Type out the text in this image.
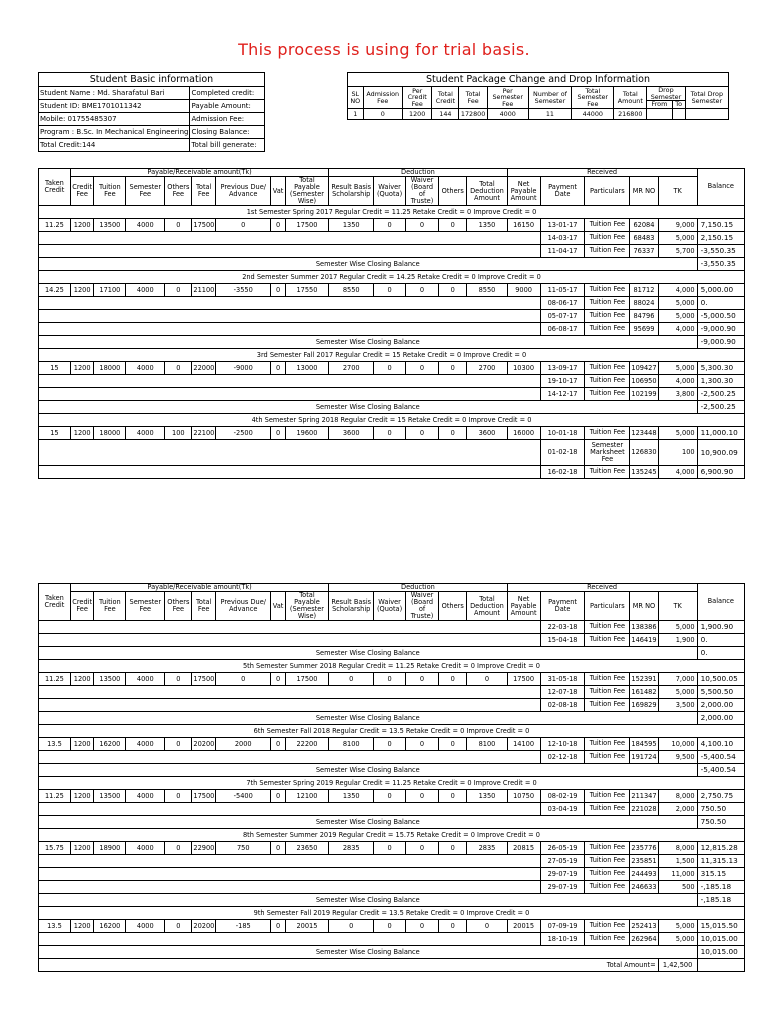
This process is using for trial basis.
Student Basic information	
Student Name : Md. Sharafatul Bari	Completed credit:
Student ID: BME1701011342	Payable Amount:
Mobile: 01755485307	Admission Fee:
Program : B.Sc. In Mechanical Engineering	Closing Balance:
Total Credit:144	Total bill generate:
Student Package Change and Drop Information											
SL NO	Admission Fee	Per Credit Fee	Total Credit	Total Fee	Per Semester Fee	Number of Semester	Total Semester Fee	Total Amount	Drop Semester		Total Drop Semester
									From	To	
1	0	1200	144	172800	4000	11	44000	216800			
Taken Credit	Payable/Receivable amount(Tk)								Deduction					Received					Balance
	Credit Fee	Tuition Fee	Semester Fee	Others Fee	Total Fee	Previous Due/ Advance	Vat	Total Payable (Semester Wise)	Result Basis Scholarship	Waiver (Quota)	Waiver (Board of Truste)	Others	Total Deduction Amount	Net Payable Amount	Payment Date	Particulars	MR NO	TK	
1st Semester Spring 2017 Regular Credit = 11.25 Retake Credit = 0 Improve Credit = 0																			
11.25	1200	13500	4000	0	17500	0	0	17500	1350	0	0	0	1350	16150	13-01-17	Tuition Fee	62084	9,000	7,150.15
															14-03-17	Tuition Fee	68483	5,000	2,150.15
															11-04-17	Tuition Fee	76337	5,700	-3,550.35
Semester Wise Closing Balance																			-3,550.35
2nd Semester Summer 2017 Regular Credit = 14.25 Retake Credit = 0 Improve Credit = 0																			
14.25	1200	17100	4000	0	21100	-3550	0	17550	8550	0	0	0	8550	9000	11-05-17	Tuition Fee	81712	4,000	5,000.00
															08-06-17	Tuition Fee	88024	5,000	0.
															05-07-17	Tuition Fee	84796	5,000	-5,000.50
															06-08-17	Tuition Fee	95699	4,000	-9,000.90
Semester Wise Closing Balance																			-9,000.90
3rd Semester Fall 2017 Regular Credit = 15 Retake Credit = 0 Improve Credit = 0																			
15	1200	18000	4000	0	22000	-9000	0	13000	2700	0	0	0	2700	10300	13-09-17	Tuition Fee	109427	5,000	5,300.30
															19-10-17	Tuition Fee	106950	4,000	1,300.30
															14-12-17	Tuition Fee	102199	3,800	-2,500.25
Semester Wise Closing Balance																			-2,500.25
4th Semester Spring 2018 Regular Credit = 15 Retake Credit = 0 Improve Credit = 0																			
15	1200	18000	4000	100	22100	-2500	0	19600	3600	0	0	0	3600	16000	10-01-18	Tuition Fee	123448	5,000	11,000.10
															01-02-18	Semester Marksheet Fee	126830	100	10,900.09
															16-02-18	Tuition Fee	135245	4,000	6,900.90
Taken Credit	Payable/Receivable amount(Tk)								Deduction					Received					Balance
	Credit Fee	Tuition Fee	Semester Fee	Others Fee	Total Fee	Previous Due/ Advance	Vat	Total Payable (Semester Wise)	Result Basis Scholarship	Waiver (Quota)	Waiver (Board of Truste)	Others	Total Deduction Amount	Net Payable Amount	Payment Date	Particulars	MR NO	TK	
															22-03-18	Tuition Fee	138386	5,000	1,900.90
															15-04-18	Tuition Fee	146419	1,900	0.
Semester Wise Closing Balance																			0.
5th Semester Summer 2018 Regular Credit = 11.25 Retake Credit = 0 Improve Credit = 0																			
11.25	1200	13500	4000	0	17500	0	0	17500	0	0	0	0	0	17500	31-05-18	Tuition Fee	152391	7,000	10,500.05
															12-07-18	Tuition Fee	161482	5,000	5,500.50
															02-08-18	Tuition Fee	169829	3,500	2,000.00
Semester Wise Closing Balance																			2,000.00
6th Semester Fall 2018 Regular Credit = 13.5 Retake Credit = 0 Improve Credit = 0																			
13.5	1200	16200	4000	0	20200	2000	0	22200	8100	0	0	0	8100	14100	12-10-18	Tuition Fee	184595	10,000	4,100.10
															02-12-18	Tuition Fee	191724	9,500	-5,400.54
Semester Wise Closing Balance																			-5,400.54
7th Semester Spring 2019 Regular Credit = 11.25 Retake Credit = 0 Improve Credit = 0																			
11.25	1200	13500	4000	0	17500	-5400	0	12100	1350	0	0	0	1350	10750	08-02-19	Tuition Fee	211347	8,000	2,750.75
															03-04-19	Tuition Fee	221028	2,000	750.50
Semester Wise Closing Balance																			750.50
8th Semester Summer 2019 Regular Credit = 15.75 Retake Credit = 0 Improve Credit = 0																			
15.75	1200	18900	4000	0	22900	750	0	23650	2835	0	0	0	2835	20815	26-05-19	Tuition Fee	235776	8,000	12,815.28
															27-05-19	Tuition Fee	235851	1,500	11,315.13
															29-07-19	Tuition Fee	244493	11,000	315.15
															29-07-19	Tuition Fee	246633	500	-,185.18
Semester Wise Closing Balance																			-,185.18
9th Semester Fall 2019 Regular Credit = 13.5 Retake Credit = 0 Improve Credit = 0																			
13.5	1200	16200	4000	0	20200	-185	0	20015	0	0	0	0	0	20015	07-09-19	Tuition Fee	252413	5,000	15,015.50
															18-10-19	Tuition Fee	262964	5,000	10,015.00
Semester Wise Closing Balance																			10,015.00
Total Amount=																		1,42,500	
